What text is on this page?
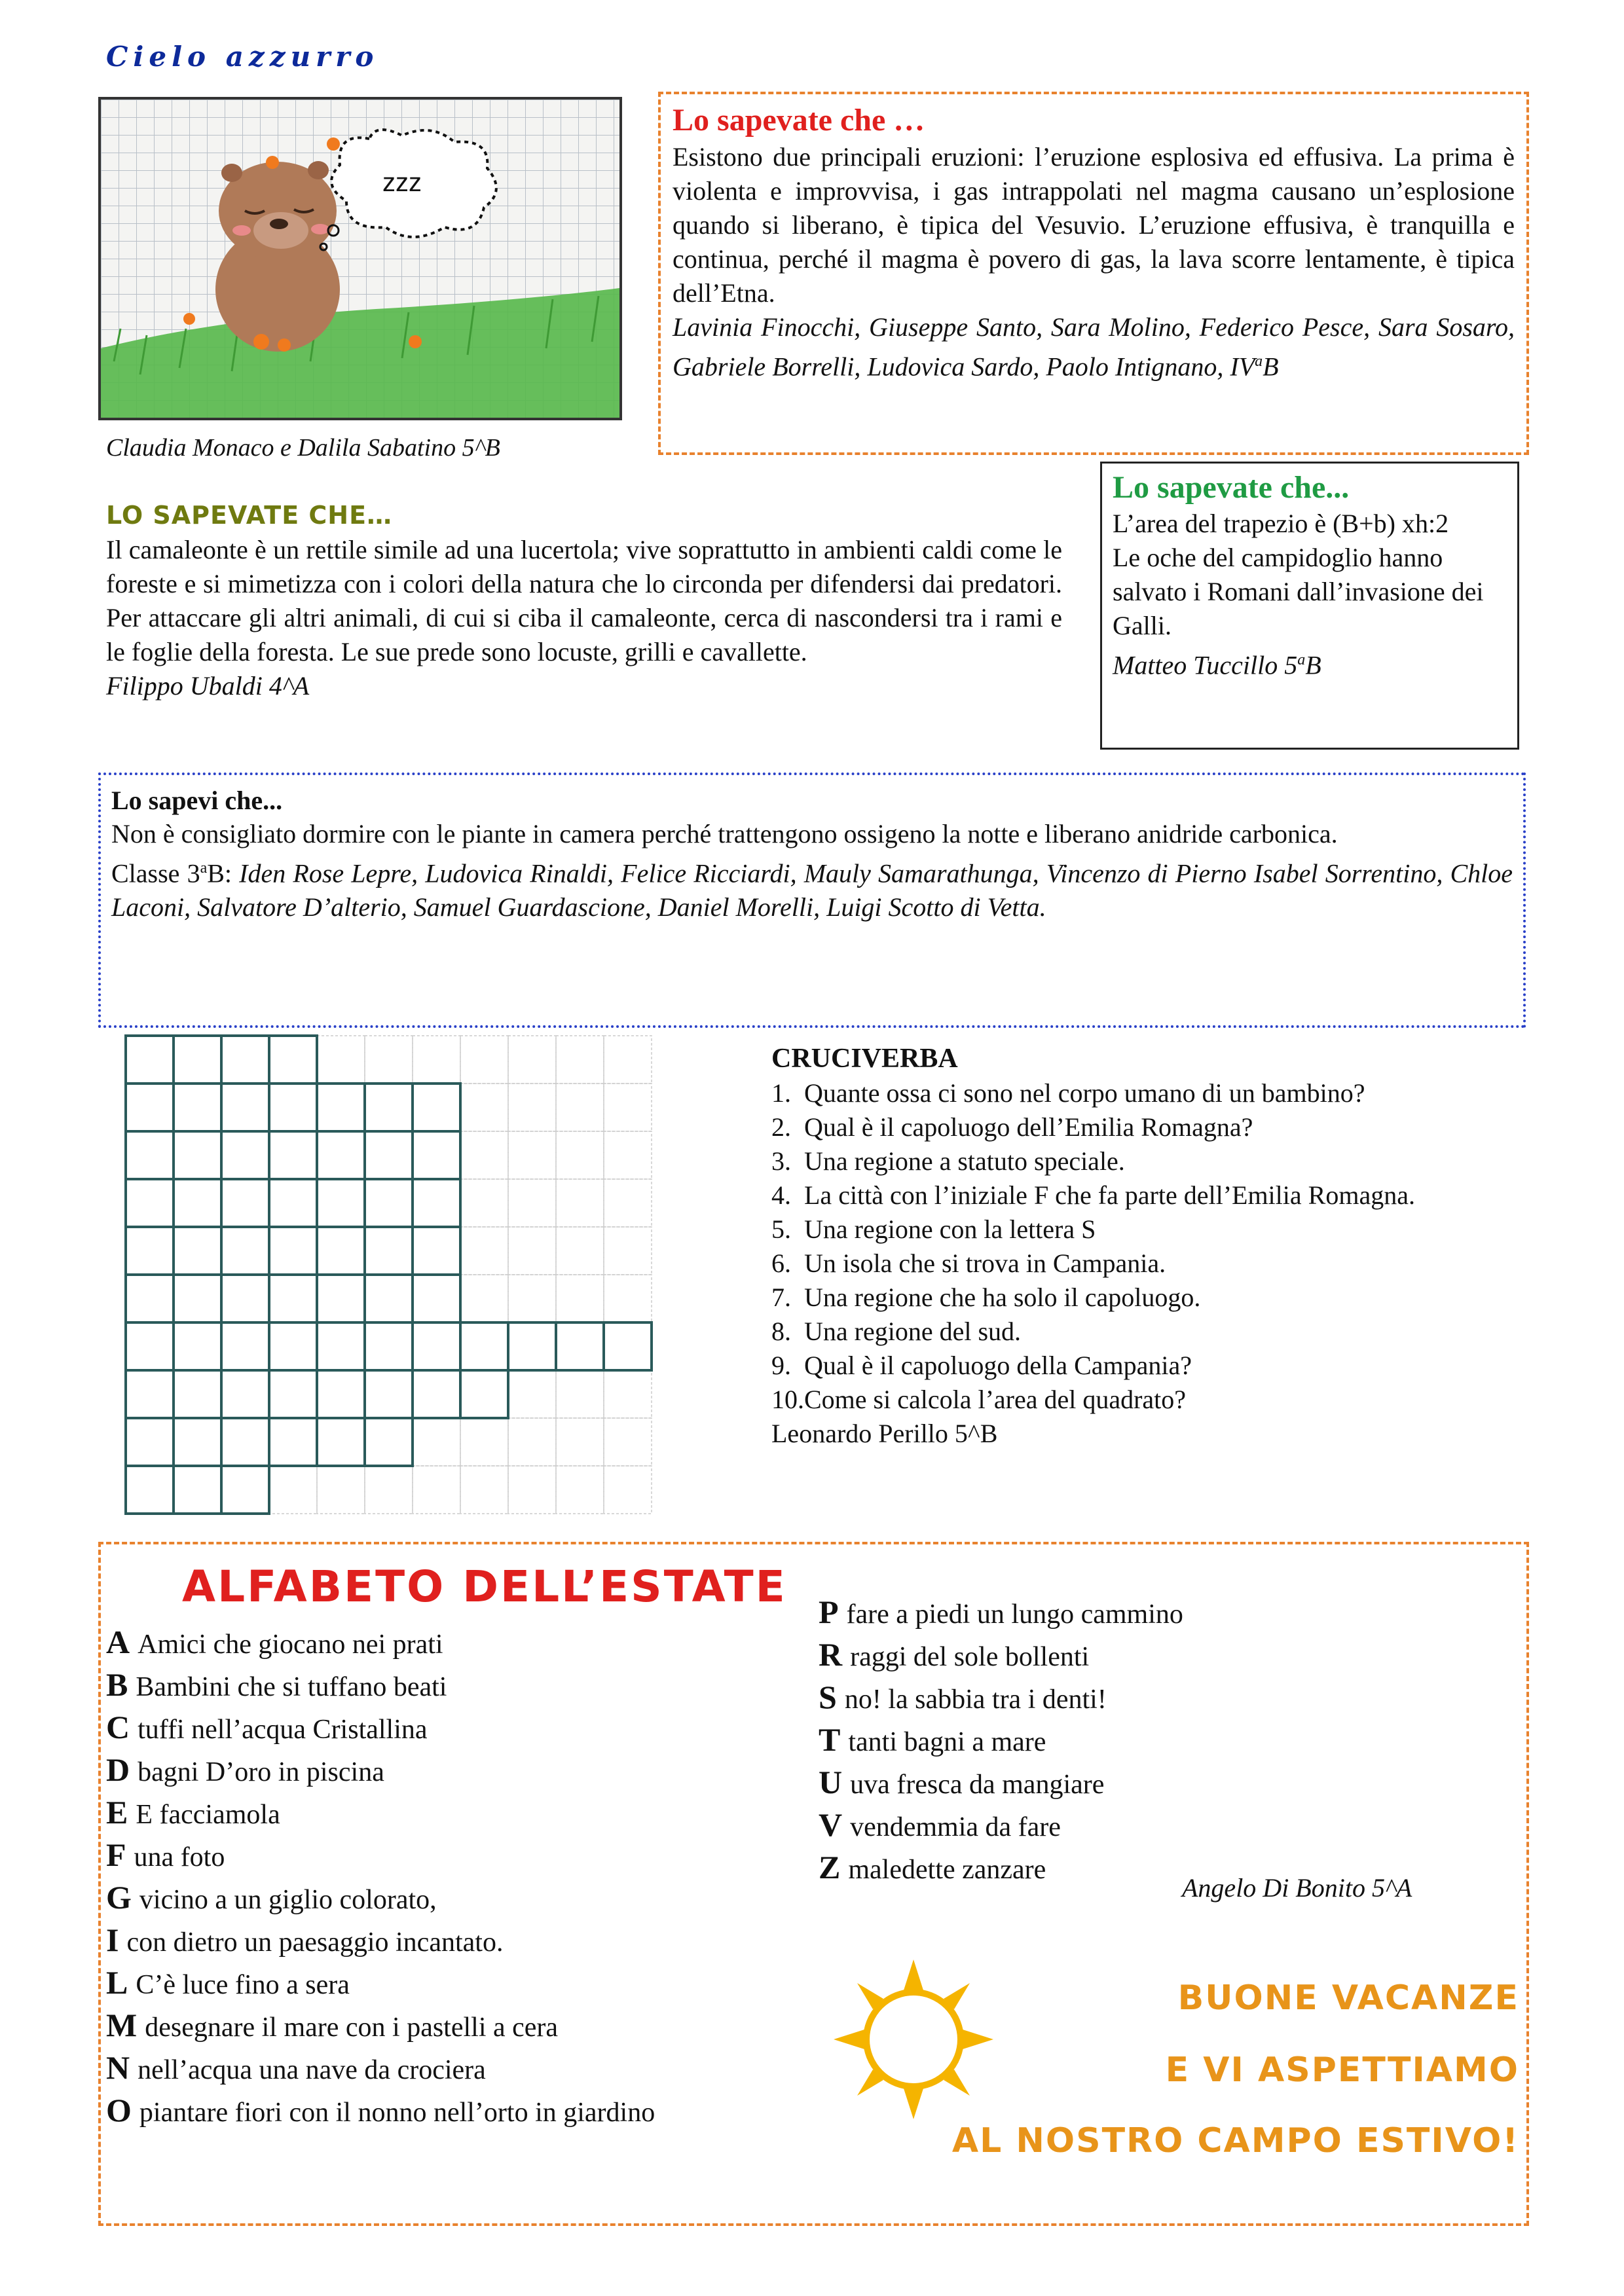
Cielo azzurro
zzz
Claudia Monaco e Dalila Sabatino 5^B
Lo sapevate che …
Esistono due principali eruzioni: l’eruzione esplosiva ed effusiva. La prima è violenta e improvvisa, i gas intrappolati nel magma causano un’esplosione quando si liberano, è tipica del Vesuvio. L’eruzione effusiva, è tranquilla e continua, perché il magma è povero di gas, la lava scorre lentamente, è tipica dell’Etna.
Lavinia Finocchi, Giuseppe Santo, Sara Molino, Federico Pesce, Sara Sosaro, Gabriele Borrelli, Ludovica Sardo, Paolo Intignano, $IV^aB$
LO SAPEVATE CHE…
Il camaleonte è un rettile simile ad una lucertola; vive soprattutto in ambienti caldi come le foreste e si mimetizza con i colori della natura che lo circonda per difendersi dai predatori. Per attaccare gli altri animali, di cui si ciba il camaleonte, cerca di nascondersi tra i rami e le foglie della foresta. Le sue prede sono locuste, grilli e cavallette.
Filippo Ubaldi 4^A
Lo sapevate che...
L’area del trapezio è (B+b) xh:2
Le oche del campidoglio hanno salvato i Romani dall’invasione dei Galli.
Matteo Tuccillo 5$^a$B
Lo sapevi che...
Non è consigliato dormire con le piante in camera perché trattengono ossigeno la notte e liberano anidride carbonica.
Classe 3$^a$B: Iden Rose Lepre, Ludovica Rinaldi, Felice Ricciardi, Mauly Samarathunga, Vincenzo di Pierno Isabel Sorrentino, Chloe Laconi, Salvatore D’alterio, Samuel Guardascione, Daniel Morelli, Luigi Scotto di Vetta.
CRUCIVERBA
1. Quante ossa ci sono nel corpo umano di un bambino?
2. Qual è il capoluogo dell’Emilia Romagna?
3. Una regione a statuto speciale.
4. La città con l’iniziale F che fa parte dell’Emilia Romagna.
5. Una regione con la lettera S
6. Un isola che si trova in Campania.
7. Una regione che ha solo il capoluogo.
8. Una regione del sud.
9. Qual è il capoluogo della Campania?
10. Come si calcola l’area del quadrato?
Leonardo Perillo 5^B
ALFABETO DELL’ESTATE
A Amici che giocano nei prati
B Bambini che si tuffano beati
C tuffi nell’acqua Cristallina
D bagni D’oro in piscina
E E facciamola
F una foto
G vicino a un giglio colorato,
I con dietro un paesaggio incantato.
L C’è luce fino a sera
M desegnare il mare con i pastelli a cera
N nell’acqua una nave da crociera
O piantare fiori con il nonno nell’orto in giardino
P fare a piedi un lungo cammino
R raggi del sole bollenti
S no! la sabbia tra i denti!
T tanti bagni a mare
U uva fresca da mangiare
V vendemmia da fare
Z maledette zanzare
Angelo Di Bonito 5^A
BUONE VACANZE
E VI ASPETTIAMO
AL NOSTRO CAMPO ESTIVO!
